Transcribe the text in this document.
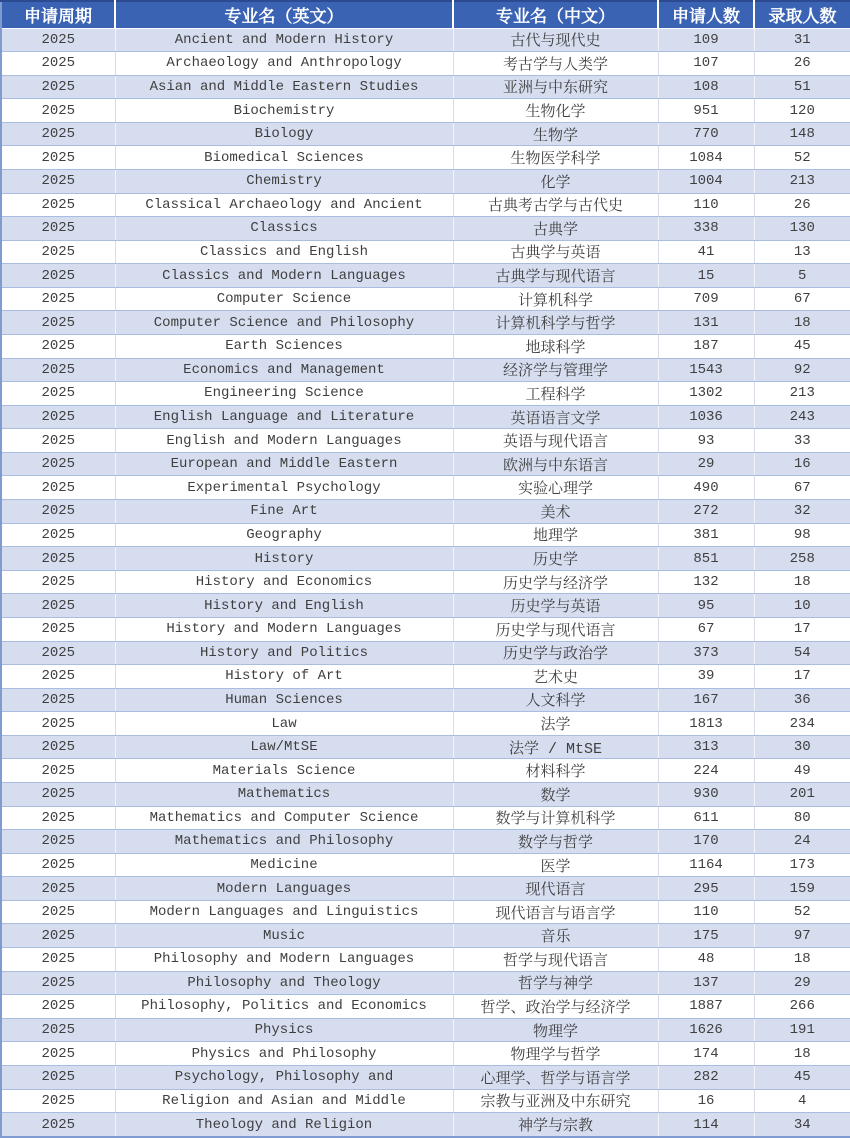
申请周期	专业名（英文）	专业名（中文）	申请人数	录取人数
2025	Ancient and Modern History	古代与现代史	109	31
2025	Archaeology and Anthropology	考古学与人类学	107	26
2025	Asian and Middle Eastern Studies	亚洲与中东研究	108	51
2025	Biochemistry	生物化学	951	120
2025	Biology	生物学	770	148
2025	Biomedical Sciences	生物医学科学	1084	52
2025	Chemistry	化学	1004	213
2025	Classical Archaeology and Ancient	古典考古学与古代史	110	26
2025	Classics	古典学	338	130
2025	Classics and English	古典学与英语	41	13
2025	Classics and Modern Languages	古典学与现代语言	15	5
2025	Computer Science	计算机科学	709	67
2025	Computer Science and Philosophy	计算机科学与哲学	131	18
2025	Earth Sciences	地球科学	187	45
2025	Economics and Management	经济学与管理学	1543	92
2025	Engineering Science	工程科学	1302	213
2025	English Language and Literature	英语语言文学	1036	243
2025	English and Modern Languages	英语与现代语言	93	33
2025	European and Middle Eastern	欧洲与中东语言	29	16
2025	Experimental Psychology	实验心理学	490	67
2025	Fine Art	美术	272	32
2025	Geography	地理学	381	98
2025	History	历史学	851	258
2025	History and Economics	历史学与经济学	132	18
2025	History and English	历史学与英语	95	10
2025	History and Modern Languages	历史学与现代语言	67	17
2025	History and Politics	历史学与政治学	373	54
2025	History of Art	艺术史	39	17
2025	Human Sciences	人文科学	167	36
2025	Law	法学	1813	234
2025	Law/MtSE	法学 / MtSE	313	30
2025	Materials Science	材料科学	224	49
2025	Mathematics	数学	930	201
2025	Mathematics and Computer Science	数学与计算机科学	611	80
2025	Mathematics and Philosophy	数学与哲学	170	24
2025	Medicine	医学	1164	173
2025	Modern Languages	现代语言	295	159
2025	Modern Languages and Linguistics	现代语言与语言学	110	52
2025	Music	音乐	175	97
2025	Philosophy and Modern Languages	哲学与现代语言	48	18
2025	Philosophy and Theology	哲学与神学	137	29
2025	Philosophy, Politics and Economics	哲学、政治学与经济学	1887	266
2025	Physics	物理学	1626	191
2025	Physics and Philosophy	物理学与哲学	174	18
2025	Psychology, Philosophy and	心理学、哲学与语言学	282	45
2025	Religion and Asian and Middle	宗教与亚洲及中东研究	16	4
2025	Theology and Religion	神学与宗教	114	34
